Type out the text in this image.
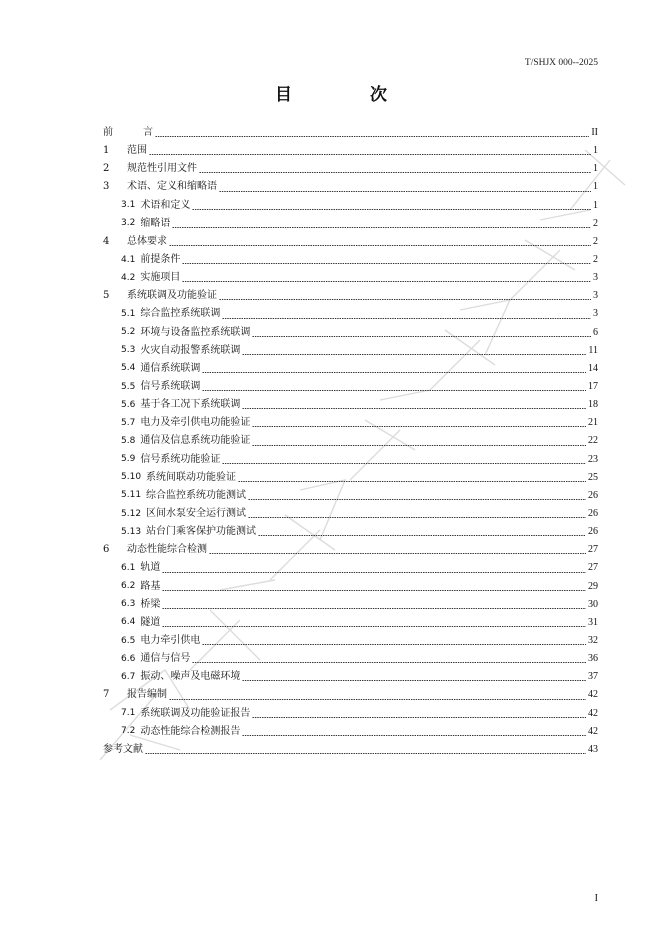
T/SHJX 000--2025
目 次
前	言	II
1	范围	1
2	规范性引用文件	1
3	术语、定义和缩略语	1
3.1 术语和定义	1
3.2 缩略语	2
4	总体要求	2
4.1 前提条件	2
4.2 实施项目	3
5	系统联调及功能验证	3
5.1 综合监控系统联调	3
5.2 环境与设备监控系统联调	6
5.3 火灾自动报警系统联调	11
5.4 通信系统联调	14
5.5 信号系统联调	17
5.6 基于各工况下系统联调	18
5.7 电力及牵引供电功能验证	21
5.8 通信及信息系统功能验证	22
5.9 信号系统功能验证	23
5.10 系统间联动功能验证	25
5.11 综合监控系统功能测试	26
5.12 区间水泵安全运行测试	26
5.13 站台门乘客保护功能测试	26
6	动态性能综合检测	27
6.1 轨道	27
6.2 路基	29
6.3 桥梁	30
6.4 隧道	31
6.5 电力牵引供电	32
6.6 通信与信号	36
6.7 振动、噪声及电磁环境	37
7	报告编制	42
7.1 系统联调及功能验证报告	42
7.2 动态性能综合检测报告	42
参考文献	43
I
